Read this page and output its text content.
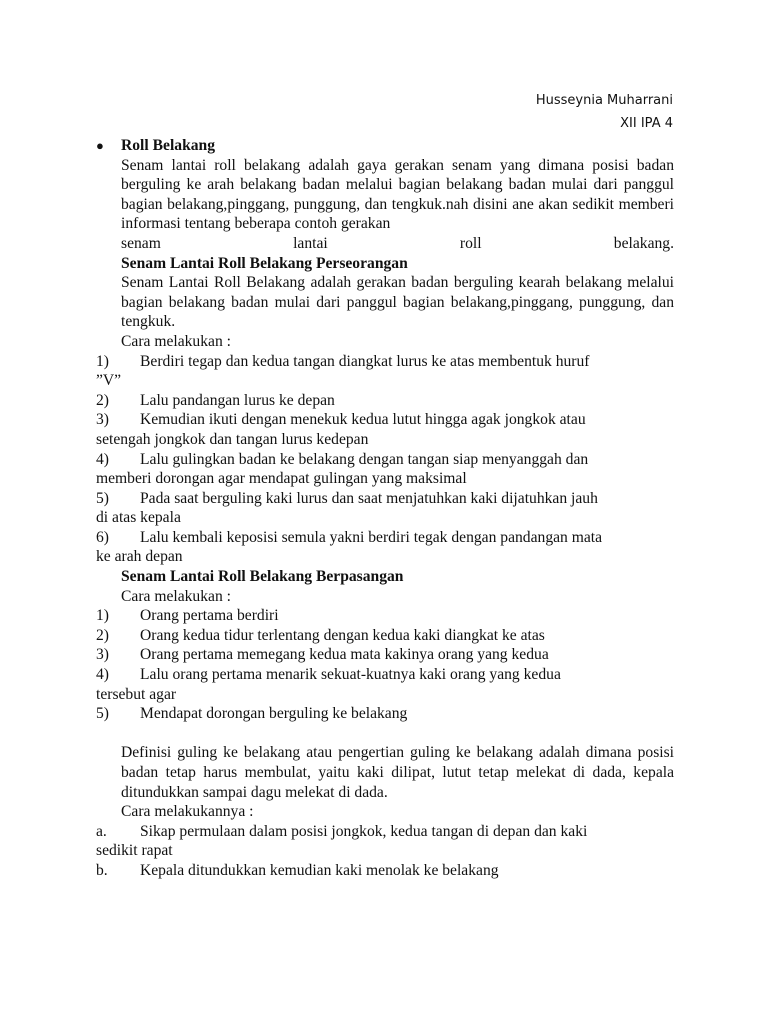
Husseynia Muharrani
XII IPA 4
●	Roll Belakang
Senam lantai roll belakang adalah gaya gerakan senam yang dimana posisi badan berguling ke arah belakang badan melalui bagian belakang badan mulai dari panggul bagian belakang,pinggang, punggung, dan tengkuk.nah disini ane akan sedikit memberi informasi tentang beberapa contoh gerakan
senam lantai roll belakang.
Senam Lantai Roll Belakang Perseorangan
Senam Lantai Roll Belakang adalah gerakan badan berguling kearah belakang melalui bagian belakang badan mulai dari panggul bagian belakang,pinggang, punggung, dan tengkuk.
Cara melakukan :
1)	Berdiri tegap dan kedua tangan diangkat lurus ke atas membentuk huruf
”V”
2)	Lalu pandangan lurus ke depan
3)	Kemudian ikuti dengan menekuk kedua lutut hingga agak jongkok atau
setengah jongkok dan tangan lurus kedepan
4)	Lalu gulingkan badan ke belakang dengan tangan siap menyanggah dan
memberi dorongan agar mendapat gulingan yang maksimal
5)	Pada saat berguling kaki lurus dan saat menjatuhkan kaki dijatuhkan jauh
di atas kepala
6)	Lalu kembali keposisi semula yakni berdiri tegak dengan pandangan mata
ke arah depan
Senam Lantai Roll Belakang Berpasangan
Cara melakukan :
1)	Orang pertama berdiri
2)	Orang kedua tidur terlentang dengan kedua kaki diangkat ke atas
3)	Orang pertama memegang kedua mata kakinya orang yang kedua
4)	Lalu orang pertama menarik sekuat-kuatnya kaki orang yang kedua
tersebut agar
5)	Mendapat dorongan berguling ke belakang
Definisi guling ke belakang atau pengertian guling ke belakang adalah dimana posisi badan tetap harus membulat, yaitu kaki dilipat, lutut tetap melekat di dada, kepala ditundukkan sampai dagu melekat di dada.
Cara melakukannya :
a.	Sikap permulaan dalam posisi jongkok, kedua tangan di depan dan kaki
sedikit rapat
b.	Kepala ditundukkan kemudian kaki menolak ke belakang
